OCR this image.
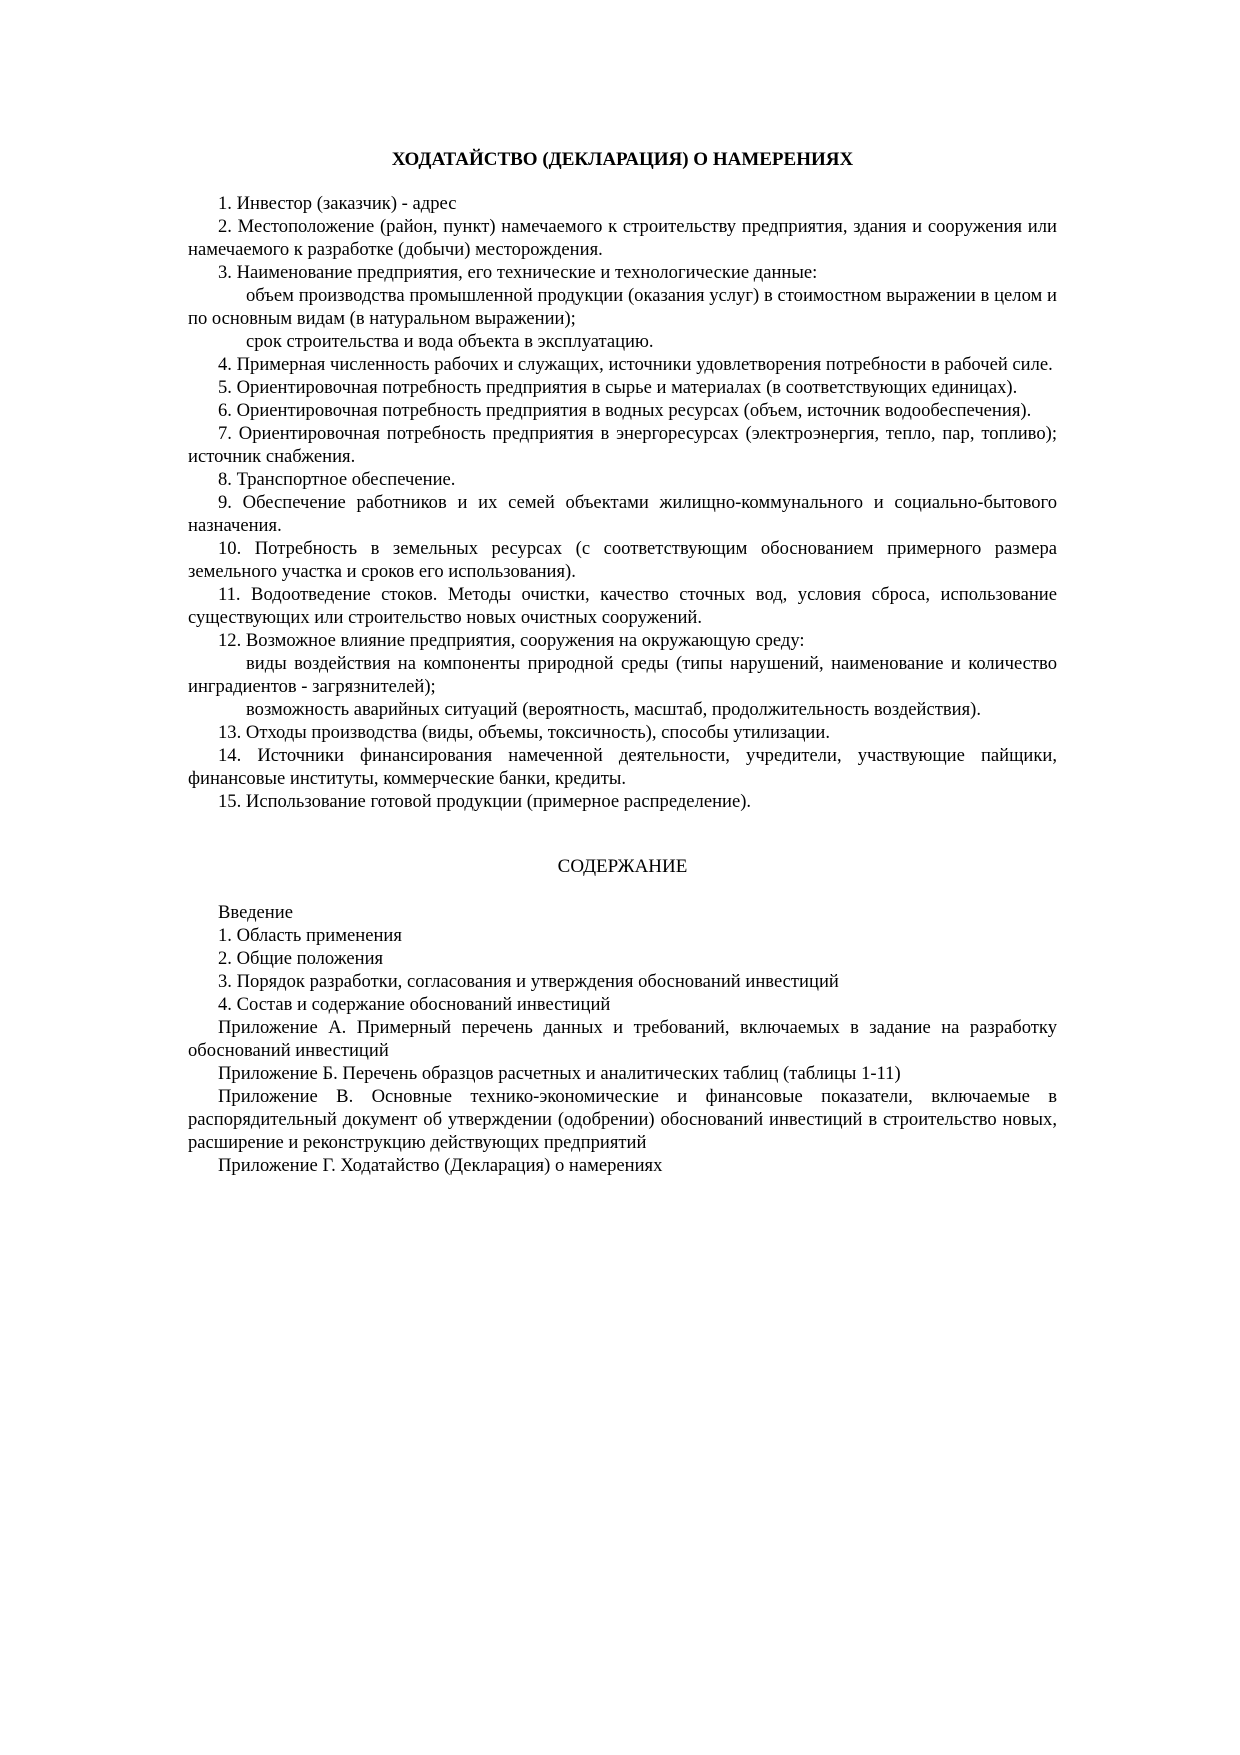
ХОДАТАЙСТВО (ДЕКЛАРАЦИЯ) О НАМЕРЕНИЯХ

1. Инвестор (заказчик) - адрес

2. Местоположение (район, пункт) намечаемого к строительству предприятия, здания и сооружения или намечаемого к разработке (добычи) месторождения.

3. Наименование предприятия, его технические и технологические данные:

объем производства промышленной продукции (оказания услуг) в стоимостном выражении в целом и по основным видам (в натуральном выражении);

срок строительства и вода объекта в эксплуатацию.

4. Примерная численность рабочих и служащих, источники удовлетворения потребности в рабочей силе.

5. Ориентировочная потребность предприятия в сырье и материалах (в соответствующих единицах).

6. Ориентировочная потребность предприятия в водных ресурсах (объем, источник водообеспечения).

7. Ориентировочная потребность предприятия в энергоресурсах (электроэнергия, тепло, пар, топливо); источник снабжения.

8. Транспортное обеспечение.

9. Обеспечение работников и их семей объектами жилищно-коммунального и социально-бытового назначения.

10. Потребность в земельных ресурсах (с соответствующим обоснованием примерного размера земельного участка и сроков его использования).

11. Водоотведение стоков. Методы очистки, качество сточных вод, условия сброса, использование существующих или строительство новых очистных сооружений.

12. Возможное влияние предприятия, сооружения на окружающую среду:

виды воздействия на компоненты природной среды (типы нарушений, наименование и количество инградиентов - загрязнителей);

возможность аварийных ситуаций (вероятность, масштаб, продолжительность воздействия).

13. Отходы производства (виды, объемы, токсичность), способы утилизации.

14. Источники финансирования намеченной деятельности, учредители, участвующие пайщики, финансовые институты, коммерческие банки, кредиты.

15. Использование готовой продукции (примерное распределение).

СОДЕРЖАНИЕ

Введение

1. Область применения

2. Общие положения

3. Порядок разработки, согласования и утверждения обоснований инвестиций

4. Состав и содержание обоснований инвестиций

Приложение А. Примерный перечень данных и требований, включаемых в задание на разработку обоснований инвестиций

Приложение Б. Перечень образцов расчетных и аналитических таблиц (таблицы 1-11)

Приложение В. Основные технико-экономические и финансовые показатели, включаемые в распорядительный документ об утверждении (одобрении) обоснований инвестиций в строительство новых, расширение и реконструкцию действующих предприятий

Приложение Г. Ходатайство (Декларация) о намерениях
